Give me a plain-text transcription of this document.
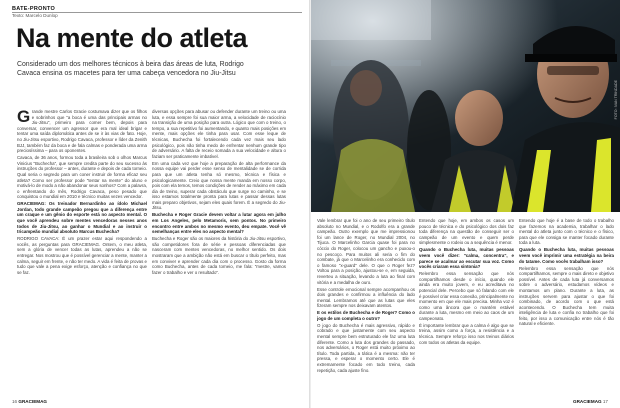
BATE-PRONTO
Texto: Marcelo Dunlop
Na mente do atleta

Considerado um dos melhores técnicos à beira das áreas de luta, Rodrigo Cavaca ensina os macetes para ter uma cabeça vencedora no Jiu-Jitsu

Grande mestre Carlos Gracie costumava dizer que os filhos e sobrinhos que "a boca é uma das principais armas no Jiu-Jitsu", primeiro para comer bem, depois para conversar, convencer um agressor que era mal ideal brigar e tentar uma saída diplomática antes de se ir às vias de fato. Hoje, no Jiu-Jitsu esportivo, Rodrigo Cavaca, professor e líder da Zenith BJJ, também faz da boca e de fala calmas e ponderada uma arma preciosíssima – para os oponentes.

Cavaca, de 36 anos, formou toda a brasileira sob o olhos Marcus Vinicius "Buchecha", que sempre credita parte do seu sucesso às instruções do professor – antes, durante e depois de cada torneio. Qual seria o segredo para um coner instruir de forma eficaz seu atleta? Como ser professor pode "tentar na mente" do aluno e motivá-lo de modo a não abandonar seus sonhos? Com a palavra, o enfrentando do mês, Rodrigo Cavaca, peso pesado que conquistou o mundial em 2010 e técnico muitas vezes vencedor.

GRACIEMAG: Os treinador Bernardinho ao ídolo Michael Jordan, todo grande campeão pregou que a diferença entre um craque e um gênio do esporte está no aspecto mental. O que você aprendeu sobre mentes vencedoras nesses anos todos de Jiu-Jitsu, ao ganhar o Mundial e ao instruir o tricampeão mundial absoluto Marcus Buchecha?

RODRIGO CAVACA: É um prazer estar aqui respondendo a vocês, as perguntas para GRACIEMAG. Ontem, o meu atleta, sem a glória de vencer todas as lutas, aprendeu a não se entregar. Nos mostrou que é possível gerenciar a mente, manter a calma, seguir em frente, e não ter medo. A vida é feita de provas e tudo que vale a pena exige esforço, atenção e confiança no que se faz.

diversas opções para abusar ou defender durante um treino ou uma luta, e essa sempre foi sua maior arma, a velocidade de raciocínio na transição de uma posição para outra. Lógico que com o treino, o tempo, a sua repetitivo foi aumentando, e quanto mais posições em mente, mais opções ele tinha para usar. Com esse leque de técnicas, Buchecha foi fortalecendo cada vez mais seu lado psicológico, pois não tinha medo de enfrentar nenhum grande tipo de adversário. A falta de receio somada a sua velocidade e altura o faziam ser praticamente imbatível.

Em uma cada vez que hoje a preparação de alta performance da nossa equipe vai perder esse senso de mentalidade se de corrida para que um atleta tenha só mesmo, técnica e física e psicologicamente. Creio que nossa mente manda em nosso corpo, pois com ela temos, temos condições de render ao máximo em cada dia de treino, superar cada obstáculo que surge no caminho, e se isso estamos totalmente pronta para lutas e passar dessas lutas mais preparo objetivos, sejam eles quais forem. É a segredo do Jiu-Jitsu.

Buchecha e Roger Gracie devem voltar a lutar agora em julho em Los Angeles, pelo Metamoris, sem pontos. No primeiro encontro entre ambos no mesmo evento, deu empate. Você vê semelhanças entre eles no aspecto mental?

Buchecha e Roger são os maiores da história do Jiu-Jitsu esportivo, são competidores fora de série e pessoas diferenciadas que nasceram com mentes vencedoras, no melhor sentido. Os dois mostraram que a ambição não está em buscar o título perfeito, mas em conviver e aprender cada dia com o processo. Gosto da forma como Buchecha, antes de cada torneio, me fala: "mestre, vamos fazer o trabalho e ver o resultado".

16 GRACIEMAG
FOTO: IVAN TRINDADE

Vale lembrar que foi o ano de seu primeiro título absoluto no Mundial, e o Rodolfo era a grande campeão. Outro exemplo que me impressionou foi um lance de Roger, no Mundial 2004, no Tijuca. O Marcelinho Garcia quase foi para no cóccix do Roger, colocou um gancho e puxou-o no pescoço. Para muitos ali seria o fim do combate, já que o Marcelinho era conhecido com o famoso "x-guard" dele. O que o Roger fez? Voltou para a posição, ajustou-se e, em seguida, reverteu a situação, levando a luta ao final com vitória e a medalha de ouro.

Esse controle emocional sempre acompanhou os dois grandes e confirmou a influência do lado mental. Lembramos até que as lutas que eles fizeram sempre nos deixavam atentos.

E os estilos de Buchecha e de Roger? Como o jogo de um completa o outro?

O jogo do Buchecha é mais agressivo, rápido e cobrado e que justamente com seu aspecto mental sempre bem estruturado ele faz uma luta diferente. Como a luta dos grandes do passado, nos adversários, o Roger está muito próximo ao título. Toda partida, a tática é a mesma: não ter pressa, e esperar o momento certo. Ele é extremamente focado em todo treino, cada repetição, cada ajuste fino.

Entendo que hoje, em ambos os casos um pouco de técnica e do psicológico dos dois faz toda diferença na questão de conseguir ser o campeão de um evento e quem perde simplesmente o rodeio ou a sequência é menor.

Quando o Buchecha luta, muitas pessoas veem você dizer: "calma, concentra", e parece se acalmar ao escutar sua voz. Como vocês criaram essa sintonia?

Relembro essa sensação que nós compartilhamos desde o início, quando ele ainda era muito jovem, e eu acreditava no potencial dele. Percebo que só falando com ele é possível criar essa conexão, principalmente no momento em que ele mais precisa. Minha voz é como uma âncora que o mantém estável durante a luta, mesmo em meio ao caos de um campeonato.

É importante lembrar que a calma é algo que se treina, assim como a força, a resistência e a técnica. Sempre reforço isso nos treinos diários com todos os atletas da equipe.

Entendo que hoje é a base de todo o trabalho que fazemos na academia, trabalhar o lado mental do atleta junto com o técnico e o físico, para que ele consiga se manter focado durante toda a luta.

Quando o Buchecha luta, muitas pessoas veem você imprimir uma estratégia na beira do tatame. Como vocês trabalham isso?

Relembro essa sensação que nós compartilhamos, sempre o mais direto e objetivo possível. Antes de cada luta já conversamos sobre o adversário, estudamos vídeos e montamos um plano. Durante a luta, as instruções servem para ajustar o que foi combinado, de acordo com o que está acontecendo. O Buchecha tem muita inteligência de luta e confia no trabalho que foi feito, por isso a comunicação entre nós é tão natural e eficiente.

GRACIEMAG 17
